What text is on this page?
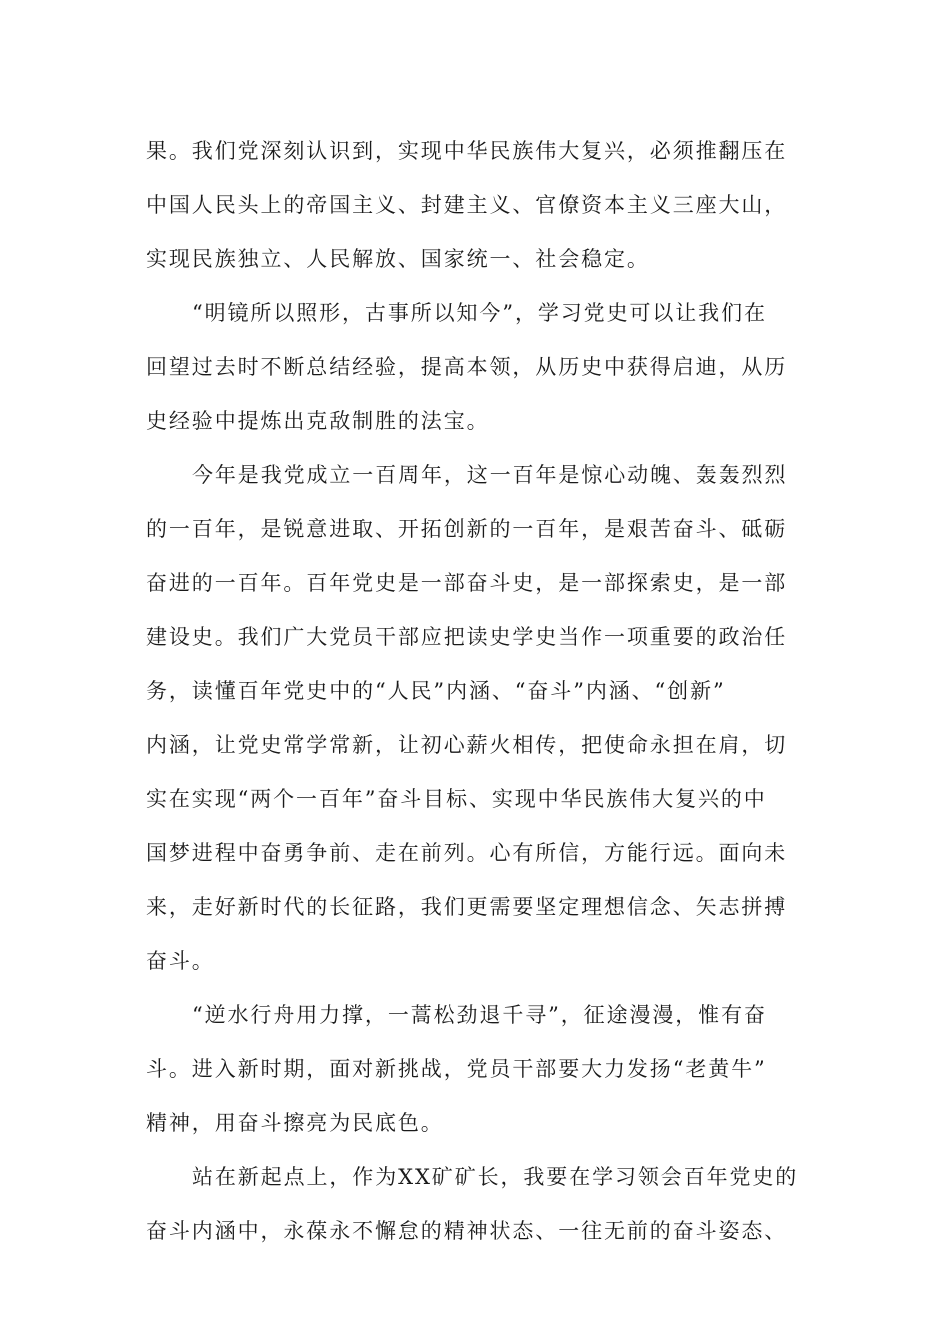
果。我们党深刻认识到，实现中华民族伟大复兴，必须推翻压在
中国人民头上的帝国主义、封建主义、官僚资本主义三座大山，
实现民族独立、人民解放、国家统一、社会稳定。
“明镜所以照形，古事所以知今”，学习党史可以让我们在
回望过去时不断总结经验，提高本领，从历史中获得启迪，从历
史经验中提炼出克敌制胜的法宝。
今年是我党成立一百周年，这一百年是惊心动魄、轰轰烈烈
的一百年，是锐意进取、开拓创新的一百年，是艰苦奋斗、砥砺
奋进的一百年。百年党史是一部奋斗史，是一部探索史，是一部
建设史。我们广大党员干部应把读史学史当作一项重要的政治任
务，读懂百年党史中的“人民”内涵、“奋斗”内涵、“创新”
内涵，让党史常学常新，让初心薪火相传，把使命永担在肩，切
实在实现“两个一百年”奋斗目标、实现中华民族伟大复兴的中
国梦进程中奋勇争前、走在前列。心有所信，方能行远。面向未
来，走好新时代的长征路，我们更需要坚定理想信念、矢志拼搏
奋斗。
“逆水行舟用力撑，一蒿松劲退千寻”，征途漫漫，惟有奋
斗。进入新时期，面对新挑战，党员干部要大力发扬“老黄牛”
精神，用奋斗擦亮为民底色。
站在新起点上，作为XX矿矿长，我要在学习领会百年党史的
奋斗内涵中，永葆永不懈怠的精神状态、一往无前的奋斗姿态、
